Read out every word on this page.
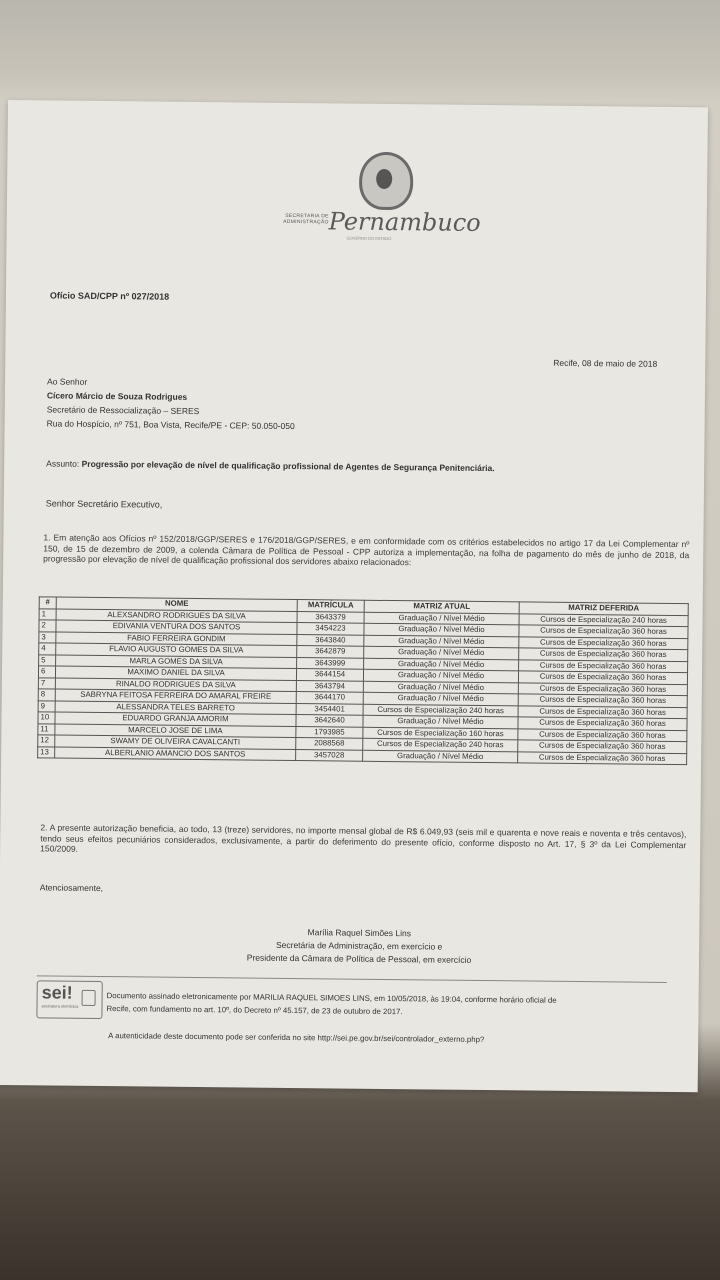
SECRETARIA DE ADMINISTRAÇÃO Pernambuco
GOVERNO DO ESTADO
Ofício SAD/CPP nº 027/2018
Recife, 08 de maio de 2018
Ao Senhor
Cícero Márcio de Souza Rodrigues
Secretário de Ressocialização – SERES
Rua do Hospício, nº 751, Boa Vista, Recife/PE - CEP: 50.050-050
Assunto: Progressão por elevação de nível de qualificação profissional de Agentes de Segurança Penitenciária.
Senhor Secretário Executivo,
1. Em atenção aos Ofícios nº 152/2018/GGP/SERES e 176/2018/GGP/SERES, e em conformidade com os critérios estabelecidos no artigo 17 da Lei Complementar nº 150, de 15 de dezembro de 2009, a colenda Câmara de Política de Pessoal - CPP autoriza a implementação, na folha de pagamento do mês de junho de 2018, da progressão por elevação de nível de qualificação profissional dos servidores abaixo relacionados:
#	NOME	MATRÍCULA	MATRIZ ATUAL	MATRIZ DEFERIDA
1	ALEXSANDRO RODRIGUES DA SILVA	3643379	Graduação / Nível Médio	Cursos de Especialização 240 horas
2	EDIVANIA VENTURA DOS SANTOS	3454223	Graduação / Nível Médio	Cursos de Especialização 360 horas
3	FABIO FERREIRA GONDIM	3643840	Graduação / Nível Médio	Cursos de Especialização 360 horas
4	FLAVIO AUGUSTO GOMES DA SILVA	3642879	Graduação / Nível Médio	Cursos de Especialização 360 horas
5	MARLA GOMES DA SILVA	3643999	Graduação / Nível Médio	Cursos de Especialização 360 horas
6	MAXIMO DANIEL DA SILVA	3644154	Graduação / Nível Médio	Cursos de Especialização 360 horas
7	RINALDO RODRIGUES DA SILVA	3643794	Graduação / Nível Médio	Cursos de Especialização 360 horas
8	SABRYNA FEITOSA FERREIRA DO AMARAL FREIRE	3644170	Graduação / Nível Médio	Cursos de Especialização 360 horas
9	ALESSANDRA TELES BARRETO	3454401	Cursos de Especialização 240 horas	Cursos de Especialização 360 horas
10	EDUARDO GRANJA AMORIM	3642640	Graduação / Nível Médio	Cursos de Especialização 360 horas
11	MARCELO JOSE DE LIMA	1793985	Cursos de Especialização 160 horas	Cursos de Especialização 360 horas
12	SWAMY DE OLIVEIRA CAVALCANTI	2088568	Cursos de Especialização 240 horas	Cursos de Especialização 360 horas
13	ALBERLANIO AMANCIO DOS SANTOS	3457028	Graduação / Nível Médio	Cursos de Especialização 360 horas
2. A presente autorização beneficia, ao todo, 13 (treze) servidores, no importe mensal global de R$ 6.049,93 (seis mil e quarenta e nove reais e noventa e três centavos), tendo seus efeitos pecuniários considerados, exclusivamente, a partir do deferimento do presente ofício, conforme disposto no Art. 17, § 3º da Lei Complementar 150/2009.
Atenciosamente,
Marília Raquel Simões Lins
Secretária de Administração, em exercício e
Presidente da Câmara de Política de Pessoal, em exercício
sei!
assinatura eletrônica
Documento assinado eletronicamente por MARILIA RAQUEL SIMOES LINS, em 10/05/2018, às 19:04, conforme horário oficial de
Recife, com fundamento no art. 10º, do Decreto nº 45.157, de 23 de outubro de 2017.
A autenticidade deste documento pode ser conferida no site http://sei.pe.gov.br/sei/controlador_externo.php?
